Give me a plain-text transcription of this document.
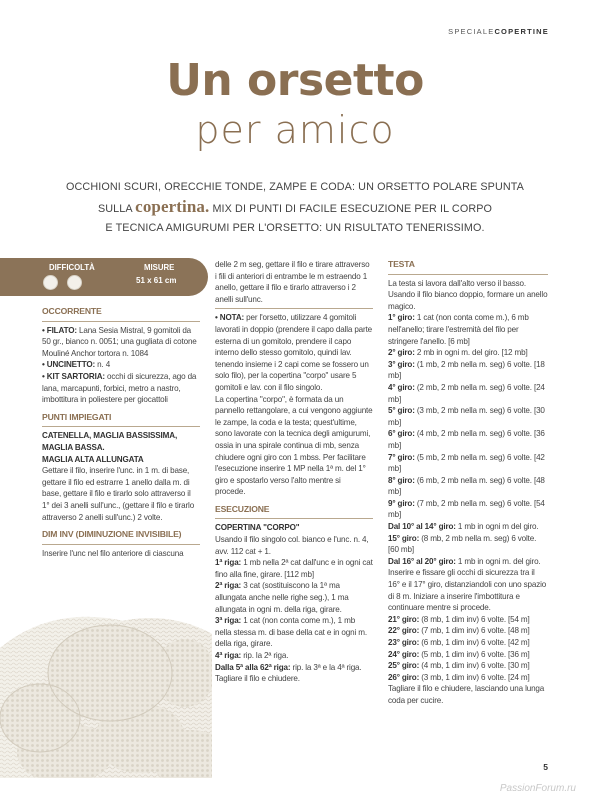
SPECIALECOPERTINE
Un orsetto
per amico
OCCHIONI SCURI, ORECCHIE TONDE, ZAMPE E CODA: UN ORSETTO POLARE SPUNTA
SULLA copertina. MIX DI PUNTI DI FACILE ESECUZIONE PER IL CORPO
E TECNICA AMIGURUMI PER L'ORSETTO: UN RISULTATO TENERISSIMO.
DIFFICOLTÀ	MISURE
51 x 61 cm

OCCORRENTE

• FILATO: Lana Sesia Mistral, 9 gomitoli da 50 gr., bianco n. 0051; una gugliata di cotone Mouliné Anchor tortora n. 1084

• UNCINETTO: n. 4

• KIT SARTORIA: occhi di sicurezza, ago da lana, marcapunti, forbici, metro a nastro, imbottitura in poliestere per giocattoli

PUNTI IMPIEGATI

CATENELLA, MAGLIA BASSISSIMA, MAGLIA BASSA.

MAGLIA ALTA ALLUNGATA

Gettare il filo, inserire l'unc. in 1 m. di base, gettare il filo ed estrarre 1 anello dalla m. di base, gettare il filo e tirarlo solo attraverso il 1° dei 3 anelli sull'unc., (gettare il filo e tirarlo attraverso 2 anelli sull'unc.) 2 volte.

DIM INV (DIMINUZIONE INVISIBILE)

Inserire l'unc nel filo anteriore di ciascuna

delle 2 m seg, gettare il filo e tirare attraverso i fili di anteriori di entrambe le m estraendo 1 anello, gettare il filo e tirarlo attraverso i 2 anelli sull'unc.

• NOTA: per l'orsetto, utilizzare 4 gomitoli lavorati in doppio (prendere il capo dalla parte esterna di un gomitolo, prendere il capo interno dello stesso gomitolo, quindi lav. tenendo insieme i 2 capi come se fossero un solo filo), per la copertina "corpo" usare 5 gomitoli e lav. con il filo singolo.

La copertina "corpo", è formata da un pannello rettangolare, a cui vengono aggiunte le zampe, la coda e la testa; quest'ultime, sono lavorate con la tecnica degli amigurumi, ossia in una spirale continua di mb, senza chiudere ogni giro con 1 mbss. Per facilitare l'esecuzione inserire 1 MP nella 1ª m. del 1° giro e spostarlo verso l'alto mentre si procede.

ESECUZIONE

COPERTINA "CORPO"

Usando il filo singolo col. bianco e l'unc. n. 4, avv. 112 cat + 1.

1ª riga: 1 mb nella 2ª cat dall'unc e in ogni cat fino alla fine, girare. [112 mb]

2ª riga: 3 cat (sostituiscono la 1ª ma allungata anche nelle righe seg.), 1 ma allungata in ogni m. della riga, girare.

3ª riga: 1 cat (non conta come m.), 1 mb nella stessa m. di base della cat e in ogni m. della riga, girare.

4ª riga: rip. la 2ª riga.

Dalla 5ª alla 62ª riga: rip. la 3ª e la 4ª riga. Tagliare il filo e chiudere.

TESTA

La testa si lavora dall'alto verso il basso. Usando il filo bianco doppio, formare un anello magico.

1° giro: 1 cat (non conta come m.), 6 mb nell'anello; tirare l'estremità del filo per stringere l'anello. [6 mb]

2° giro: 2 mb in ogni m. del giro. [12 mb]

3° giro: (1 mb, 2 mb nella m. seg) 6 volte. [18 mb]

4° giro: (2 mb, 2 mb nella m. seg) 6 volte. [24 mb]

5° giro: (3 mb, 2 mb nella m. seg) 6 volte. [30 mb]

6° giro: (4 mb, 2 mb nella m. seg) 6 volte. [36 mb]

7° giro: (5 mb, 2 mb nella m. seg) 6 volte. [42 mb]

8° giro: (6 mb, 2 mb nella m. seg) 6 volte. [48 mb]

9° giro: (7 mb, 2 mb nella m. seg) 6 volte. [54 mb]

Dal 10° al 14° giro: 1 mb in ogni m del giro.

15° giro: (8 mb, 2 mb nella m. seg) 6 volte. [60 mb]

Dal 16° al 20° giro: 1 mb in ogni m. del giro. Inserire e fissare gli occhi di sicurezza tra il 16° e il 17° giro, distanziandoli con uno spazio di 8 m. Iniziare a inserire l'imbottitura e continuare mentre si procede.

21° giro: (8 mb, 1 dim inv) 6 volte. [54 m]

22° giro: (7 mb, 1 dim inv) 6 volte. [48 m]

23° giro: (6 mb, 1 dim inv) 6 volte. [42 m]

24° giro: (5 mb, 1 dim inv) 6 volte. [36 m]

25° giro: (4 mb, 1 dim inv) 6 volte. [30 m]

26° giro: (3 mb, 1 dim inv) 6 volte. [24 m]

Tagliare il filo e chiudere, lasciando una lunga coda per cucire.

5
PassionForum.ru
